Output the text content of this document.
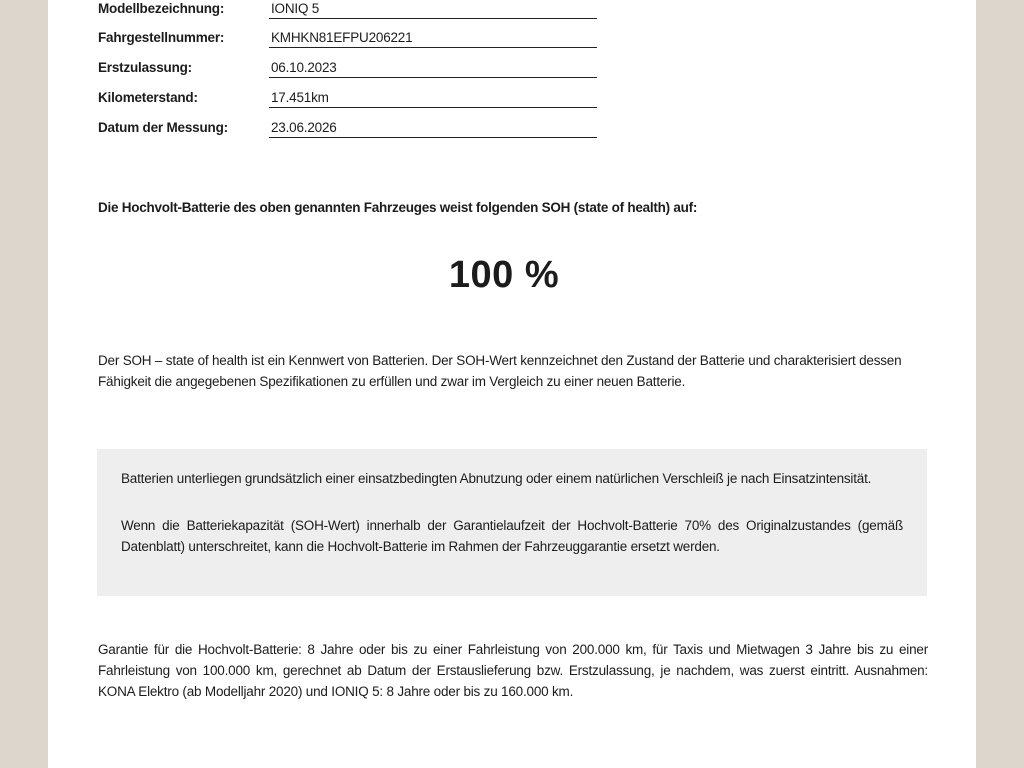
Modellbezeichnung:	IONIQ 5
Fahrgestellnummer:	KMHKN81EFPU206221
Erstzulassung:	06.10.2023
Kilometerstand:	17.451km
Datum der Messung:	23.06.2026
Die Hochvolt-Batterie des oben genannten Fahrzeuges weist folgenden SOH (state of health) auf:
100 %
Der SOH – state of health ist ein Kennwert von Batterien. Der SOH-Wert kennzeichnet den Zustand der Batterie und charakterisiert dessen Fähigkeit die angegebenen Spezifikationen zu erfüllen und zwar im Vergleich zu einer neuen Batterie.
Batterien unterliegen grundsätzlich einer einsatzbedingten Abnutzung oder einem natürlichen Verschleiß je nach Einsatzintensität.
Wenn die Batteriekapazität (SOH-Wert) innerhalb der Garantielaufzeit der Hochvolt-Batterie 70% des Originalzustandes (gemäß Datenblatt) unterschreitet, kann die Hochvolt-Batterie im Rahmen der Fahrzeuggarantie ersetzt werden.
Garantie für die Hochvolt-Batterie: 8 Jahre oder bis zu einer Fahrleistung von 200.000 km, für Taxis und Mietwagen 3 Jahre bis zu einer Fahrleistung von 100.000 km, gerechnet ab Datum der Erstauslieferung bzw. Erstzulassung, je nachdem, was zuerst eintritt. Ausnahmen: KONA Elektro (ab Modelljahr 2020) und IONIQ 5: 8 Jahre oder bis zu 160.000 km.
